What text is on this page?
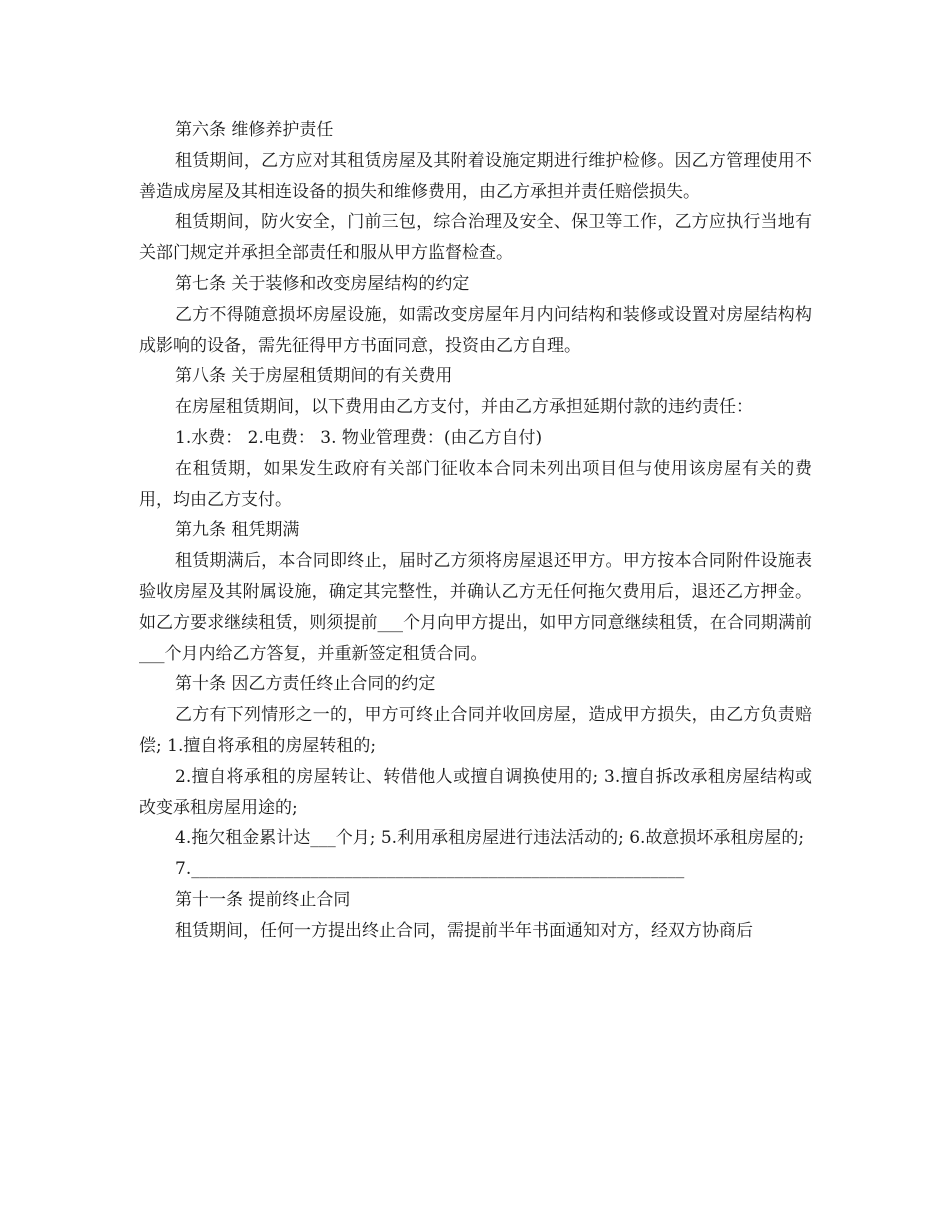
第六条 维修养护责任

租赁期间，乙方应对其租赁房屋及其附着设施定期进行维护检修。因乙方管理使用不善造成房屋及其相连设备的损失和维修费用，由乙方承担并责任赔偿损失。

租赁期间，防火安全，门前三包，综合治理及安全、保卫等工作，乙方应执行当地有关部门规定并承担全部责任和服从甲方监督检查。

第七条 关于装修和改变房屋结构的约定

乙方不得随意损坏房屋设施，如需改变房屋年月内问结构和装修或设置对房屋结构构成影响的设备，需先征得甲方书面同意，投资由乙方自理。

第八条 关于房屋租赁期间的有关费用

在房屋租赁期间，以下费用由乙方支付，并由乙方承担延期付款的违约责任：

1.水费： 2.电费： 3. 物业管理费：(由乙方自付)

在租赁期，如果发生政府有关部门征收本合同未列出项目但与使用该房屋有关的费用，均由乙方支付。

第九条 租凭期满

租赁期满后，本合同即终止，届时乙方须将房屋退还甲方。甲方按本合同附件设施表验收房屋及其附属设施，确定其完整性，并确认乙方无任何拖欠费用后，退还乙方押金。如乙方要求继续租赁，则须提前___个月向甲方提出，如甲方同意继续租赁，在合同期满前___个月内给乙方答复，并重新签定租赁合同。

第十条 因乙方责任终止合同的约定

乙方有下列情形之一的，甲方可终止合同并收回房屋，造成甲方损失，由乙方负责赔偿; 1.擅自将承租的房屋转租的;

2.擅自将承租的房屋转让、转借他人或擅自调换使用的; 3.擅自拆改承租房屋结构或改变承租房屋用途的;

4.拖欠租金累计达___个月; 5.利用承租房屋进行违法活动的; 6.故意损坏承租房屋的;

7.__________________________________________________________

第十一条 提前终止合同

租赁期间，任何一方提出终止合同，需提前半年书面通知对方，经双方协商后
